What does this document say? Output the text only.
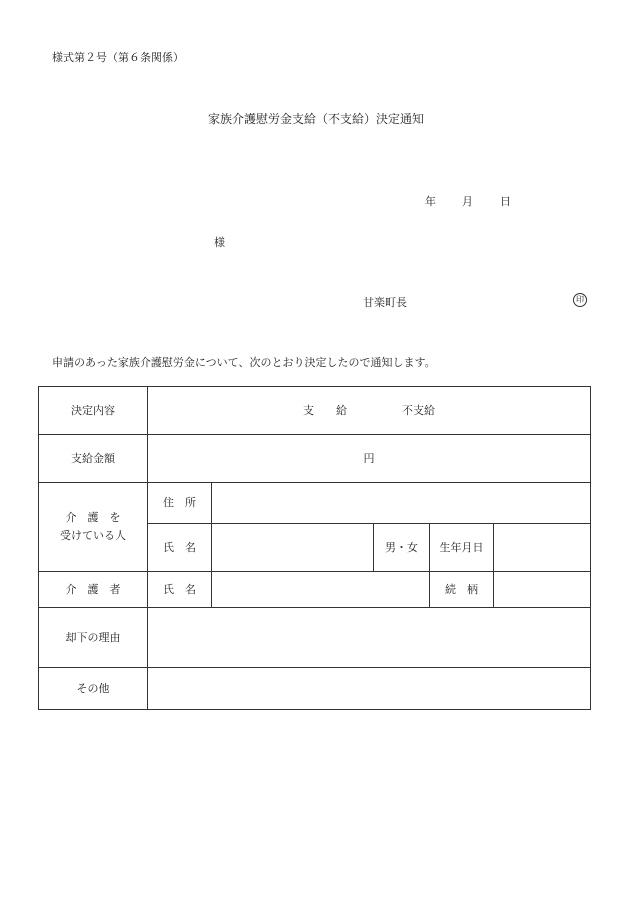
様式第２号（第６条関係）
家族介護慰労金支給（不支給）決定通知
年 月 日
様
甘楽町長	印
申請のあった家族介護慰労金について、次のとおり決定したので通知します。
決定内容	支　　給 不支給				
支給金額	円				

介　護　を
受けている人	住　所				
	氏　名		男・女	生年月日	
介　護　者	氏　名			続　柄	
却下の理由					
その他					
